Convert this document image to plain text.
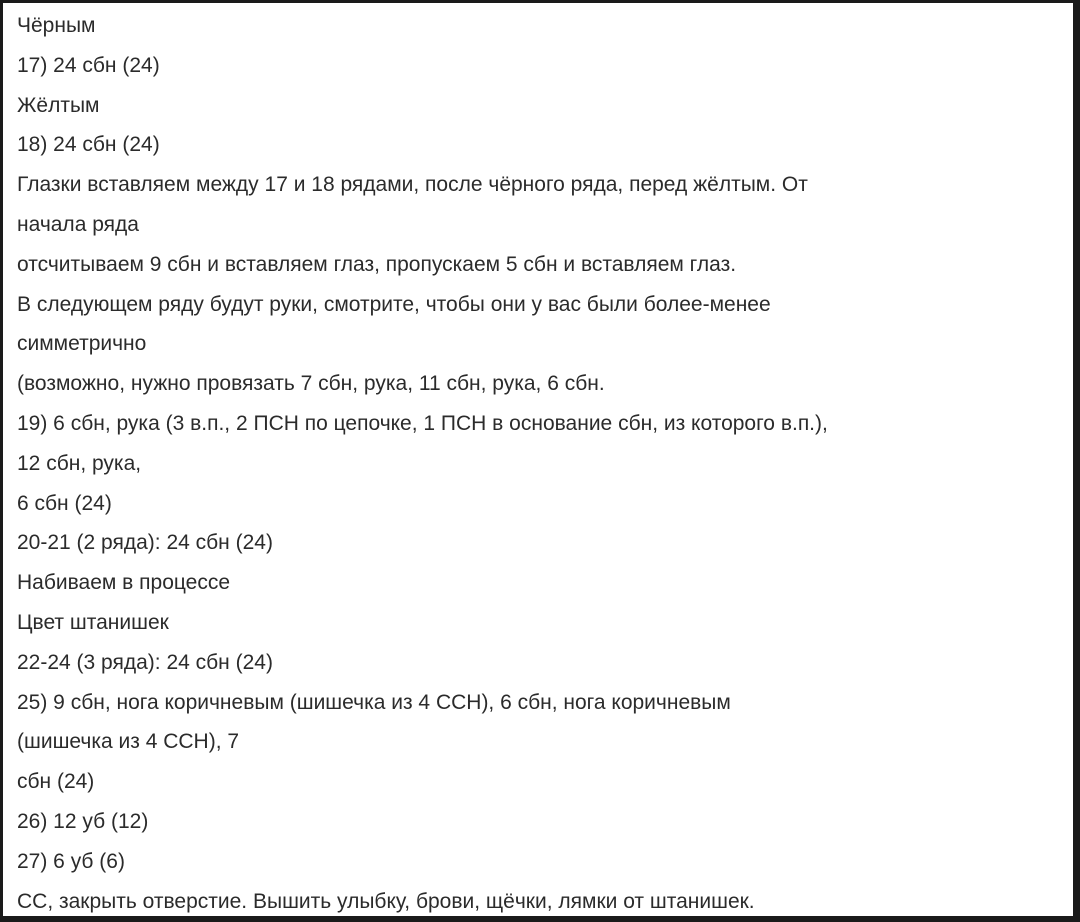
Чёрным
17) 24 сбн (24)
Жёлтым
18) 24 сбн (24)
Глазки вставляем между 17 и 18 рядами, после чёрного ряда, перед жёлтым. От
начала ряда
отсчитываем 9 сбн и вставляем глаз, пропускаем 5 сбн и вставляем глаз.
В следующем ряду будут руки, смотрите, чтобы они у вас были более-менее
симметрично
(возможно, нужно провязать 7 сбн, рука, 11 сбн, рука, 6 сбн.
19) 6 сбн, рука (3 в.п., 2 ПСН по цепочке, 1 ПСН в основание сбн, из которого в.п.),
12 сбн, рука,
6 сбн (24)
20-21 (2 ряда): 24 сбн (24)
Набиваем в процессе
Цвет штанишек
22-24 (3 ряда): 24 сбн (24)
25) 9 сбн, нога коричневым (шишечка из 4 ССН), 6 сбн, нога коричневым
(шишечка из 4 ССН), 7
сбн (24)
26) 12 уб (12)
27) 6 уб (6)
СС, закрыть отверстие. Вышить улыбку, брови, щёчки, лямки от штанишек.
